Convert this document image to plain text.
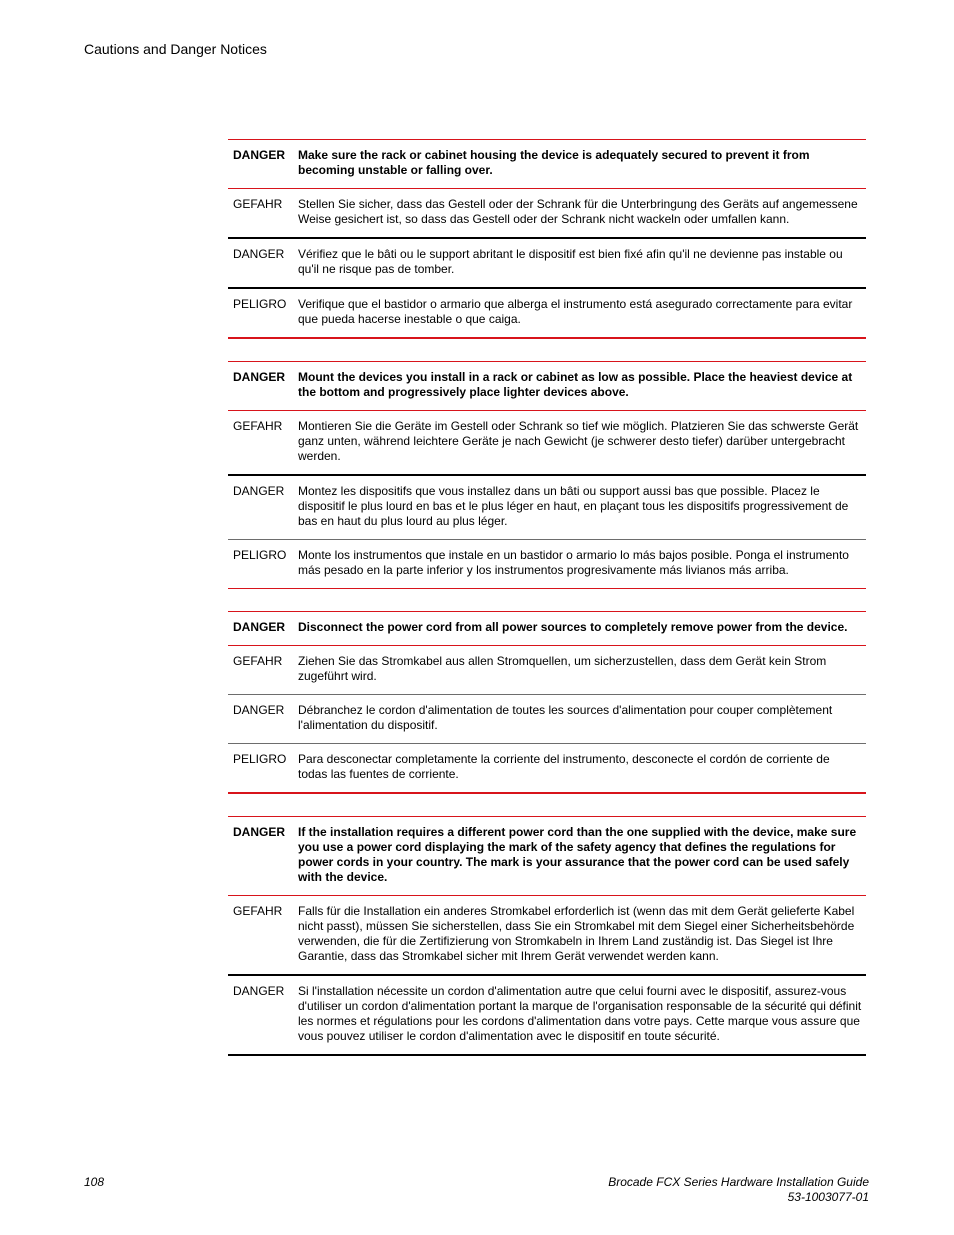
Cautions and Danger Notices
DANGER	Make sure the rack or cabinet housing the device is adequately secured to prevent it from becoming unstable or falling over.
GEFAHR	Stellen Sie sicher, dass das Gestell oder der Schrank für die Unterbringung des Geräts auf angemessene Weise gesichert ist, so dass das Gestell oder der Schrank nicht wackeln oder umfallen kann.
DANGER	Vérifiez que le bâti ou le support abritant le dispositif est bien fixé afin qu'il ne devienne pas instable ou qu'il ne risque pas de tomber.
PELIGRO Verifique que el bastidor o armario que alberga el instrumento está asegurado correctamente para evitar que pueda hacerse inestable o que caiga.
DANGER	Mount the devices you install in a rack or cabinet as low as possible. Place the heaviest device at the bottom and progressively place lighter devices above.
GEFAHR	Montieren Sie die Geräte im Gestell oder Schrank so tief wie möglich. Platzieren Sie das schwerste Gerät ganz unten, während leichtere Geräte je nach Gewicht (je schwerer desto tiefer) darüber untergebracht werden.
DANGER	Montez les dispositifs que vous installez dans un bâti ou support aussi bas que possible. Placez le dispositif le plus lourd en bas et le plus léger en haut, en plaçant tous les dispositifs progressivement de bas en haut du plus lourd au plus léger.
PELIGRO Monte los instrumentos que instale en un bastidor o armario lo más bajos posible. Ponga el instrumento más pesado en la parte inferior y los instrumentos progresivamente más livianos más arriba.
DANGER	Disconnect the power cord from all power sources to completely remove power from the device.
GEFAHR	Ziehen Sie das Stromkabel aus allen Stromquellen, um sicherzustellen, dass dem Gerät kein Strom zugeführt wird.
DANGER	Débranchez le cordon d'alimentation de toutes les sources d'alimentation pour couper complètement l'alimentation du dispositif.
PELIGRO Para desconectar completamente la corriente del instrumento, desconecte el cordón de corriente de todas las fuentes de corriente.
DANGER	If the installation requires a different power cord than the one supplied with the device, make sure you use a power cord displaying the mark of the safety agency that defines the regulations for power cords in your country. The mark is your assurance that the power cord can be used safely with the device.
GEFAHR	Falls für die Installation ein anderes Stromkabel erforderlich ist (wenn das mit dem Gerät gelieferte Kabel nicht passt), müssen Sie sicherstellen, dass Sie ein Stromkabel mit dem Siegel einer Sicherheitsbehörde verwenden, die für die Zertifizierung von Stromkabeln in Ihrem Land zuständig ist. Das Siegel ist Ihre Garantie, dass das Stromkabel sicher mit Ihrem Gerät verwendet werden kann.
DANGER	Si l'installation nécessite un cordon d'alimentation autre que celui fourni avec le dispositif, assurez-vous d'utiliser un cordon d'alimentation portant la marque de l'organisation responsable de la sécurité qui définit les normes et régulations pour les cordons d'alimentation dans votre pays. Cette marque vous assure que vous pouvez utiliser le cordon d'alimentation avec le dispositif en toute sécurité.
108	Brocade FCX Series Hardware Installation Guide
53-1003077-01
